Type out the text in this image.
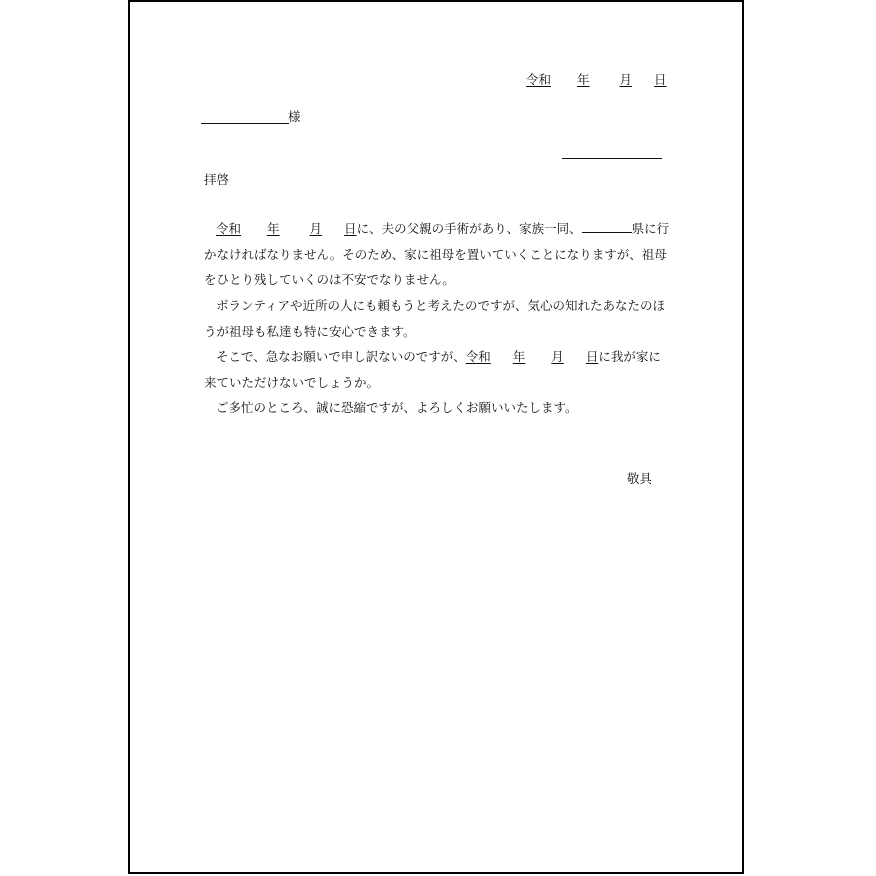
令和 年 月 日
様
拝啓
令和 年 月 日に、夫の父親の手術があり、家族一同、	県に行
かなければなりません。そのため、家に祖母を置いていくことになりますが、祖母
をひとり残していくのは不安でなりません。
ボランティアや近所の人にも頼もうと考えたのですが、気心の知れたあなたのほ
うが祖母も私達も特に安心できます。
そこで、急なお願いで申し訳ないのですが、令和 年 月 日に我が家に
来ていただけないでしょうか。
ご多忙のところ、誠に恐縮ですが、よろしくお願いいたします。
敬具
